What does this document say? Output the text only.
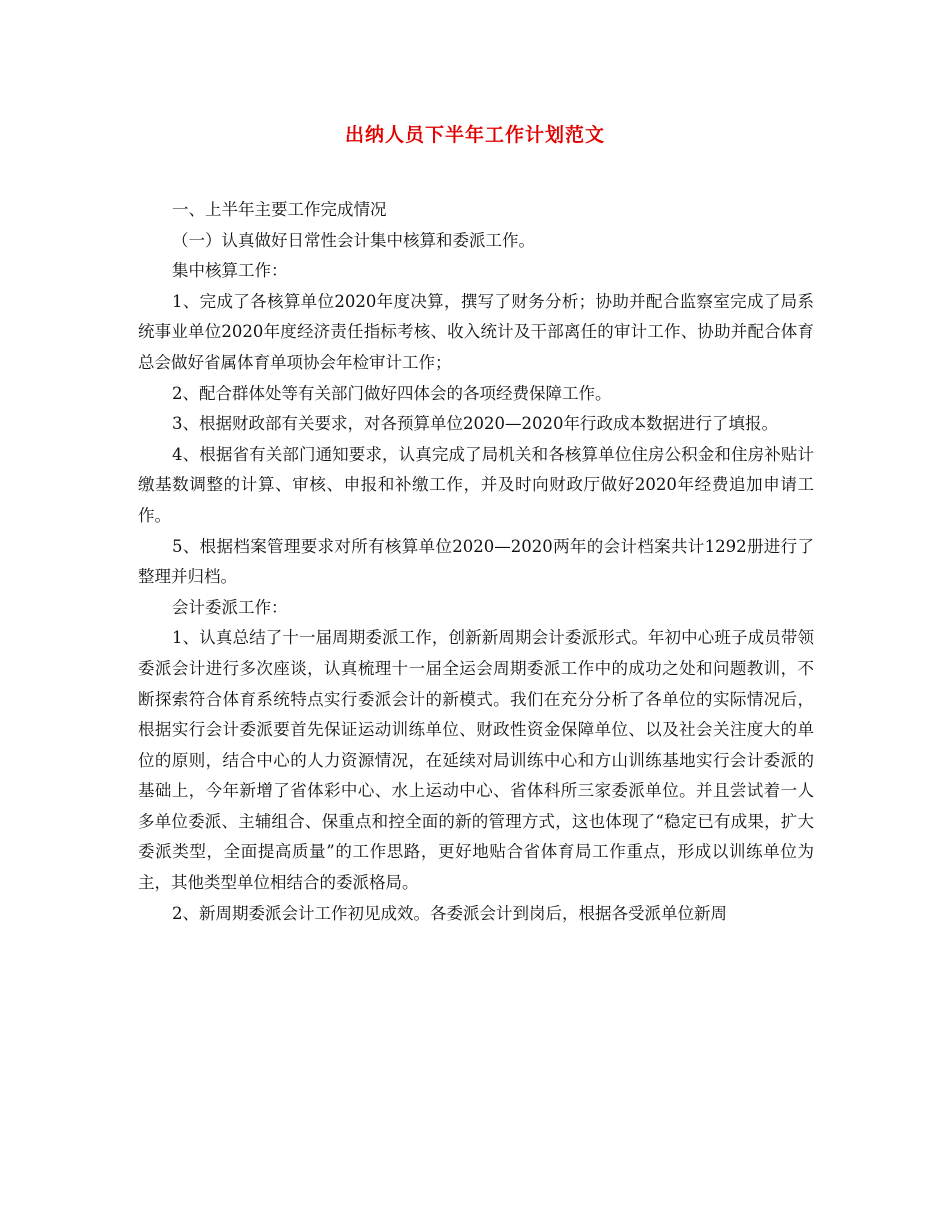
出纳人员下半年工作计划范文

一、上半年主要工作完成情况

（一）认真做好日常性会计集中核算和委派工作。

集中核算工作：

1、完成了各核算单位2020年度决算，撰写了财务分析；协助并配合监察室完成了局系统事业单位2020年度经济责任指标考核、收入统计及干部离任的审计工作、协助并配合体育总会做好省属体育单项协会年检审计工作；

2、配合群体处等有关部门做好四体会的各项经费保障工作。

3、根据财政部有关要求，对各预算单位2020—2020年行政成本数据进行了填报。

4、根据省有关部门通知要求，认真完成了局机关和各核算单位住房公积金和住房补贴计缴基数调整的计算、审核、申报和补缴工作，并及时向财政厅做好2020年经费追加申请工作。

5、根据档案管理要求对所有核算单位2020—2020两年的会计档案共计1292册进行了整理并归档。

会计委派工作：

1、认真总结了十一届周期委派工作，创新新周期会计委派形式。年初中心班子成员带领委派会计进行多次座谈，认真梳理十一届全运会周期委派工作中的成功之处和问题教训，不断探索符合体育系统特点实行委派会计的新模式。我们在充分分析了各单位的实际情况后，根据实行会计委派要首先保证运动训练单位、财政性资金保障单位、以及社会关注度大的单位的原则，结合中心的人力资源情况，在延续对局训练中心和方山训练基地实行会计委派的基础上，今年新增了省体彩中心、水上运动中心、省体科所三家委派单位。并且尝试着一人多单位委派、主辅组合、保重点和控全面的新的管理方式，这也体现了“稳定已有成果，扩大委派类型，全面提高质量”的工作思路，更好地贴合省体育局工作重点，形成以训练单位为主，其他类型单位相结合的委派格局。

2、新周期委派会计工作初见成效。各委派会计到岗后，根据各受派单位新周
